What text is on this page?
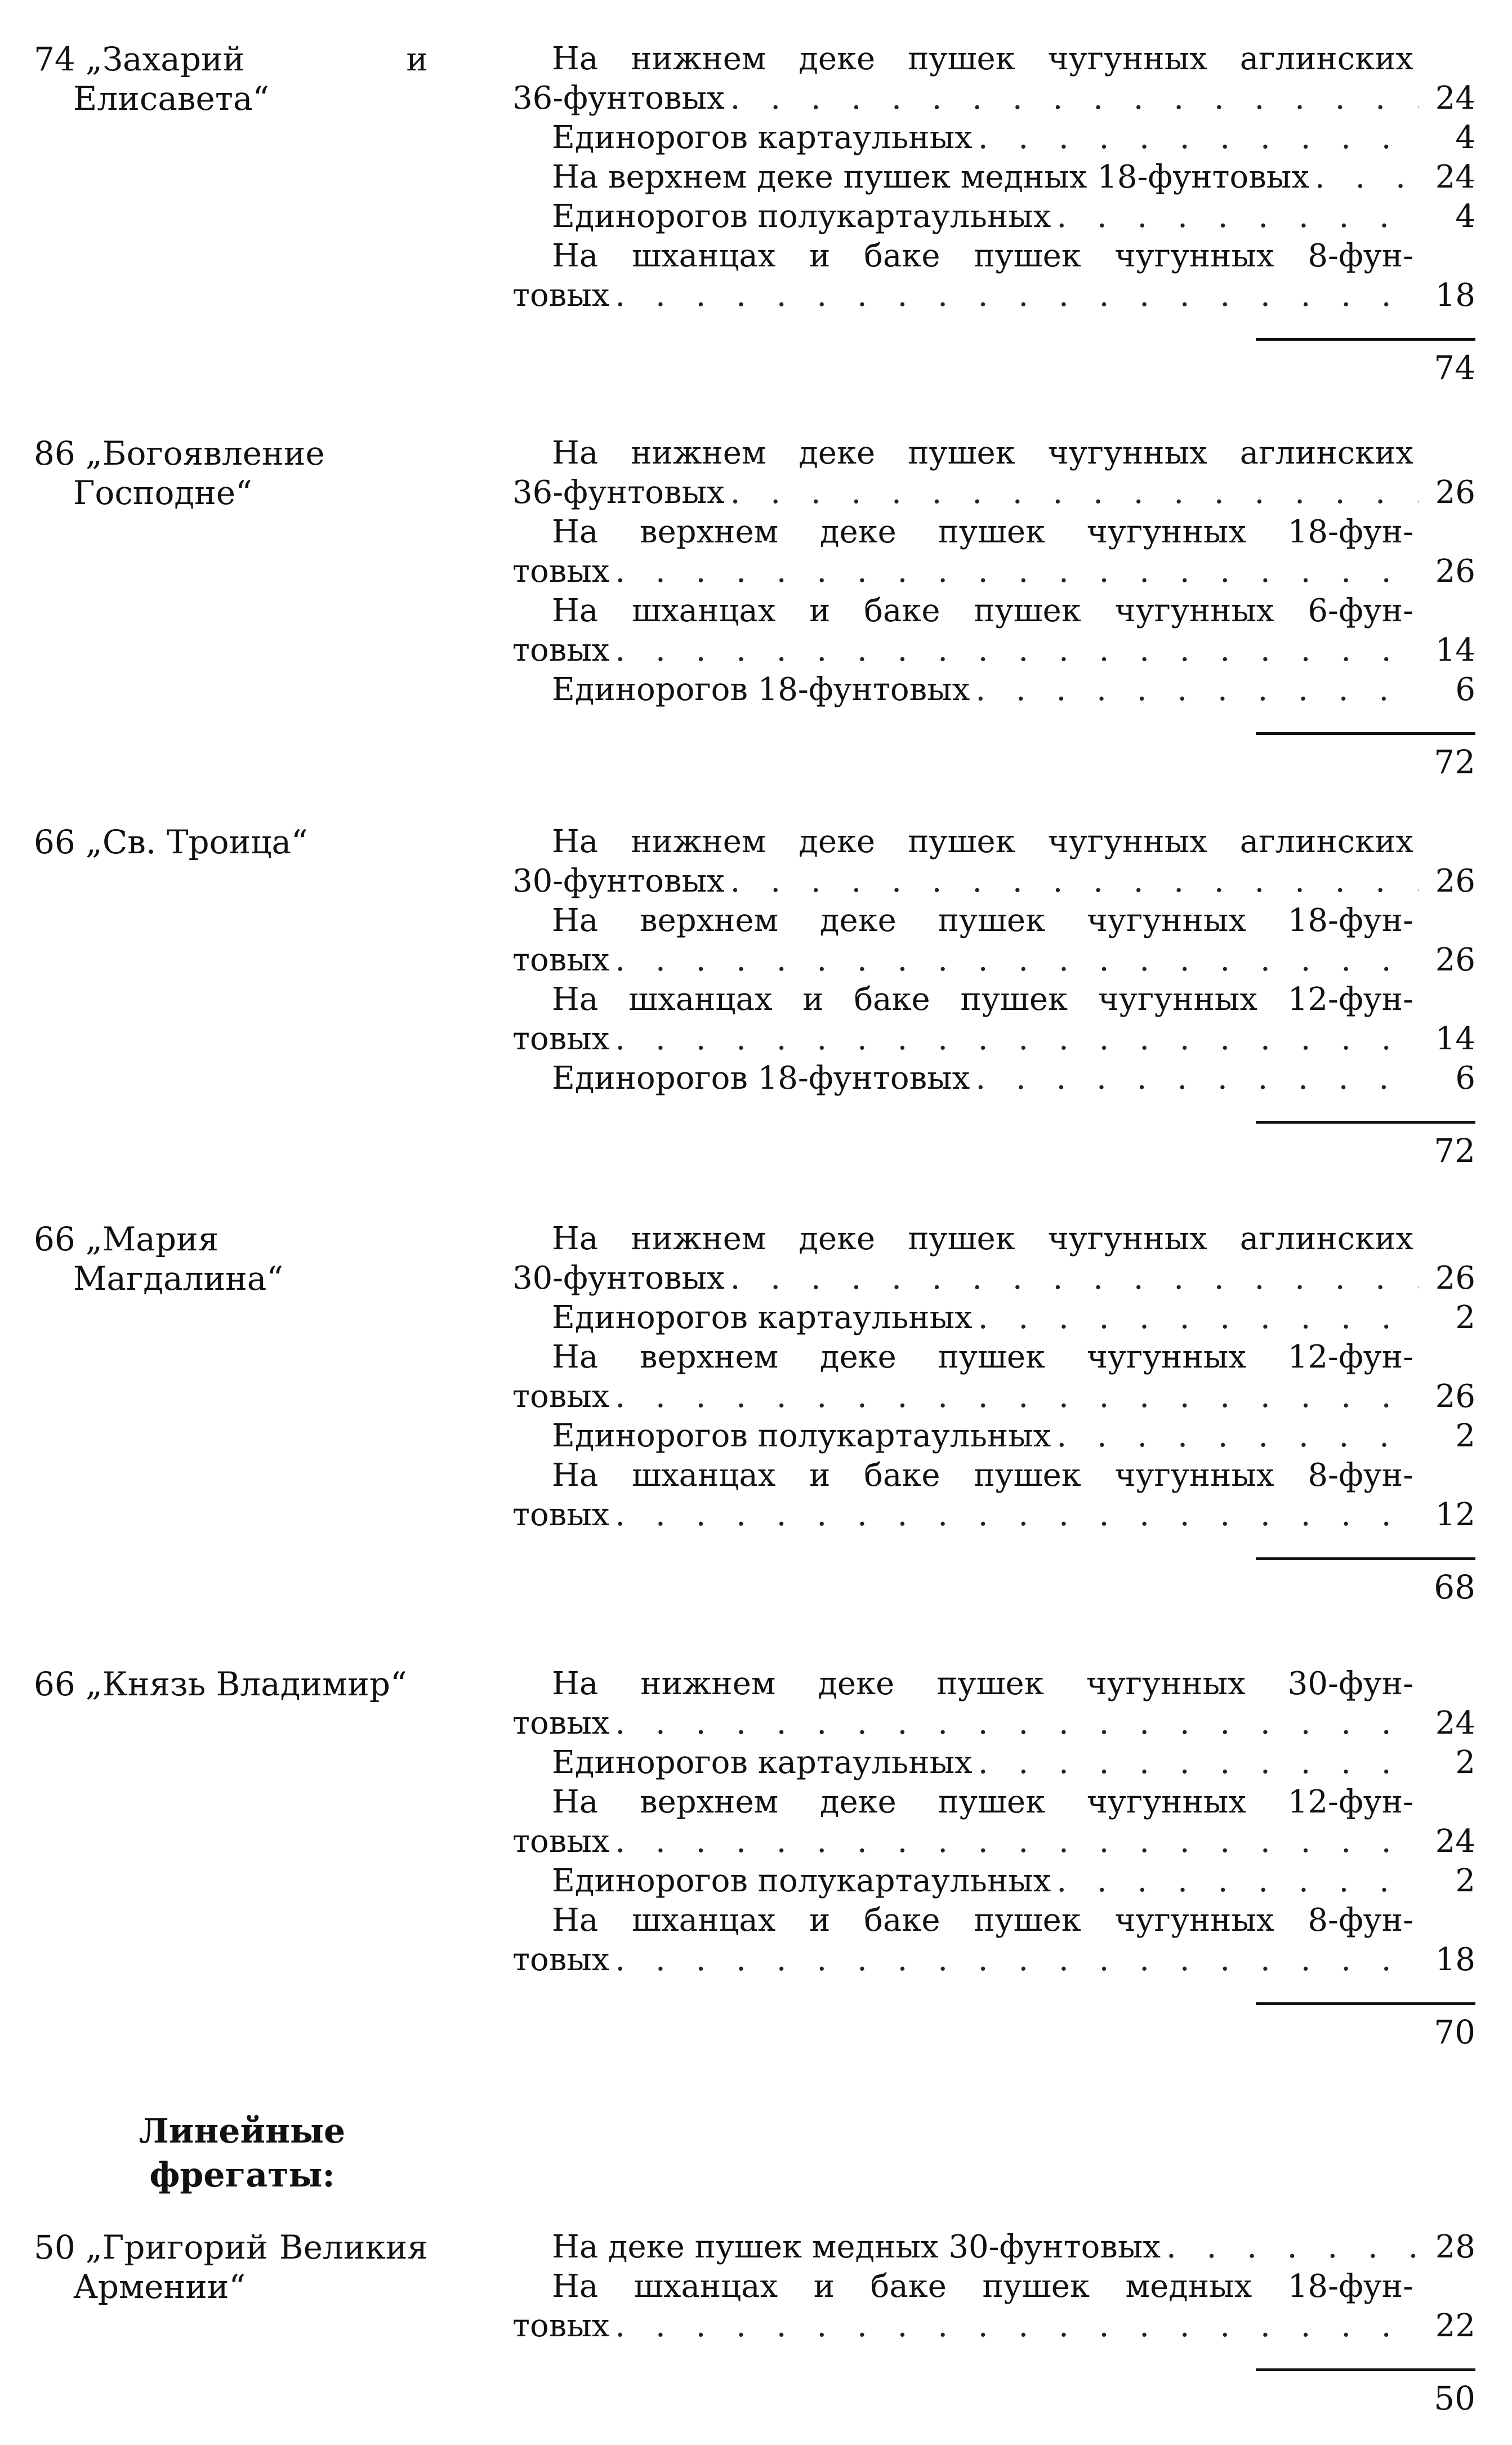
74 „Захарий и Елисавета“
На нижнем деке пушек чугунных аглинских
36-фунтовых . . .	24
Единорогов картаульных . . .	4
На верхнем деке пушек медных 18-фунтовых . . .	24
Единорогов полукартаульных . . .	4
На шханцах и баке пушек чугунных 8-фун-
товых . . .	18
74
86 „Богоявление Господне“
На нижнем деке пушек чугунных аглинских
36-фунтовых . . .	26
На верхнем деке пушек чугунных 18-фун-
товых . . .	26
На шханцах и баке пушек чугунных 6-фун-
товых . . .	14
Единорогов 18-фунтовых . . .	6
72
66 „Св. Троица“	На нижнем деке пушек чугунных аглинских
30-фунтовых . . .	26
На верхнем деке пушек чугунных 18-фун-
товых . . .	26
На шханцах и баке пушек чугунных 12-фун-
товых . . .	14
Единорогов 18-фунтовых . . .	6
72
66 „Мария Магдалина“
На нижнем деке пушек чугунных аглинских
30-фунтовых . . .	26
Единорогов картаульных . . .	2
На верхнем деке пушек чугунных 12-фун-
товых . . .	26
Единорогов полукартаульных . . .	2
На шханцах и баке пушек чугунных 8-фун-
товых . . .	12
68
66 „Князь Владимир“	На нижнем деке пушек чугунных 30-фун-
товых . . .	24
Единорогов картаульных . . .	2
На верхнем деке пушек чугунных 12-фун-
товых . . .	24
Единорогов полукартаульных . . .	2
На шханцах и баке пушек чугунных 8-фун-
товых . . .	18
70
Линейные фрегаты:
50 „Григорий Великия Армении“
На деке пушек медных 30-фунтовых . . .	28
На шханцах и баке пушек медных 18-фун-
товых . . .	22
50
